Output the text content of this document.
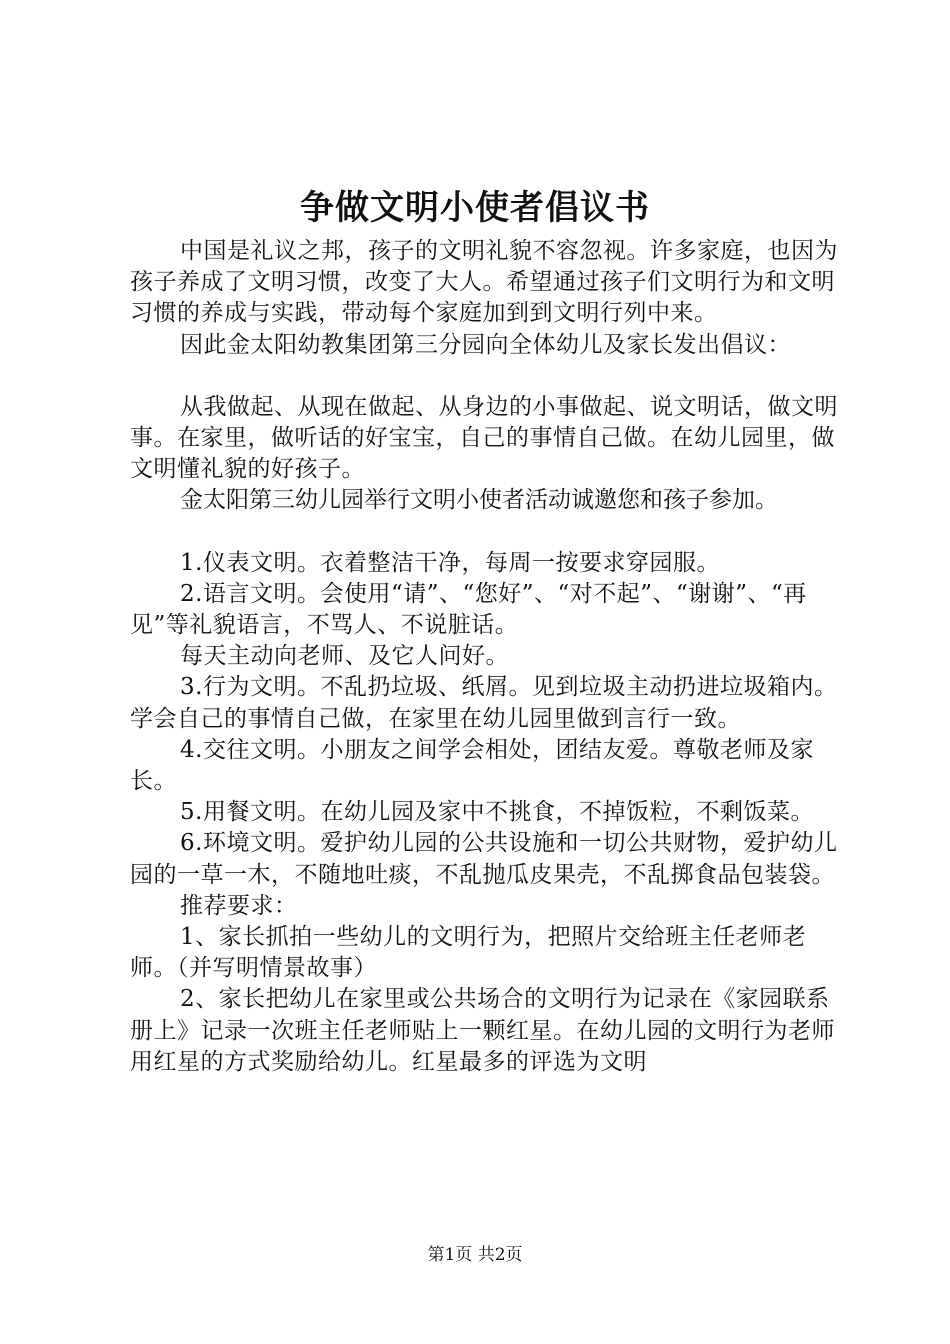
争做文明小使者倡议书

中国是礼议之邦，孩子的文明礼貌不容忽视。许多家庭，也因为孩子养成了文明习惯，改变了大人。希望通过孩子们文明行为和文明习惯的养成与实践，带动每个家庭加到到文明行列中来。

因此金太阳幼教集团第三分园向全体幼儿及家长发出倡议：

从我做起、从现在做起、从身边的小事做起、说文明话，做文明事。在家里，做听话的好宝宝，自己的事情自己做。在幼儿园里，做文明懂礼貌的好孩子。

金太阳第三幼儿园举行文明小使者活动诚邀您和孩子参加。

1.仪表文明。衣着整洁干净，每周一按要求穿园服。

2.语言文明。会使用“请”、“您好”、“对不起”、“谢谢”、“再见”等礼貌语言，不骂人、不说脏话。

每天主动向老师、及它人问好。

3.行为文明。不乱扔垃圾、纸屑。见到垃圾主动扔进垃圾箱内。学会自己的事情自己做，在家里在幼儿园里做到言行一致。

4.交往文明。小朋友之间学会相处，团结友爱。尊敬老师及家长。

5.用餐文明。在幼儿园及家中不挑食，不掉饭粒，不剩饭菜。

6.环境文明。爱护幼儿园的公共设施和一切公共财物，爱护幼儿园的一草一木，不随地吐痰，不乱抛瓜皮果壳，不乱掷食品包装袋。

推荐要求：

1、家长抓拍一些幼儿的文明行为，把照片交给班主任老师老师。（并写明情景故事）

2、家长把幼儿在家里或公共场合的文明行为记录在《家园联系册上》记录一次班主任老师贴上一颗红星。在幼儿园的文明行为老师用红星的方式奖励给幼儿。红星最多的评选为文明

第1页 共2页
